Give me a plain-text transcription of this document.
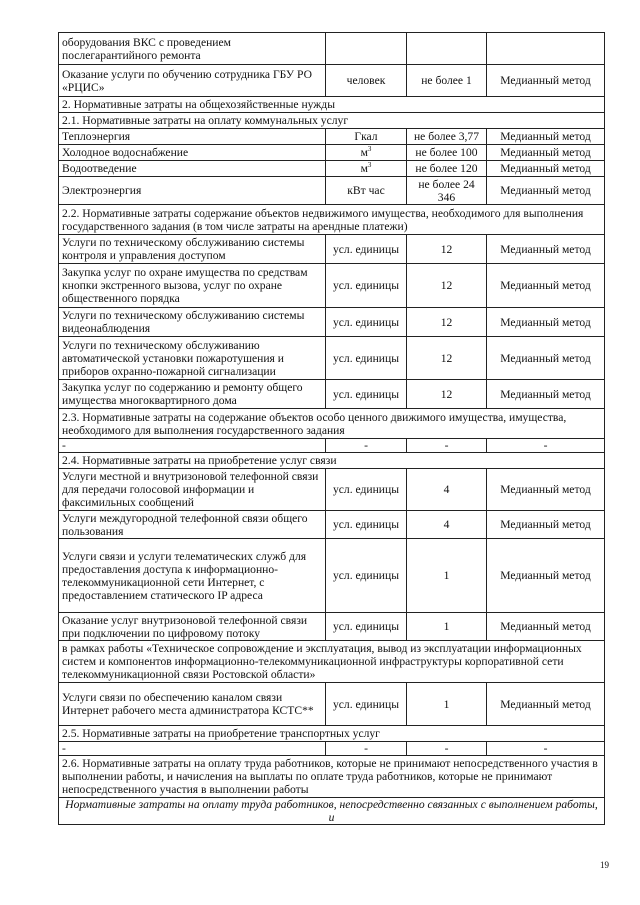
оборудования ВКС с проведением послегарантийного ремонта			
Оказание услуги по обучению сотрудника ГБУ РО «РЦИС»	человек	не более 1	Медианный метод
2. Нормативные затраты на общехозяйственные нужды			
2.1. Нормативные затраты на оплату коммунальных услуг			
Теплоэнергия	Гкал	не более 3,77	Медианный метод
Холодное водоснабжение	$м^3$	не более 100	Медианный метод
Водоотведение	$м^3$	не более 120	Медианный метод
Электроэнергия	кВт час	не более 24 346	Медианный метод
2.2. Нормативные затраты содержание объектов недвижимого имущества, необходимого для выполнения государственного задания (в том числе затраты на арендные платежи)			
Услуги по техническому обслуживанию системы контроля и управления доступом	усл. единицы	12	Медианный метод
Закупка услуг по охране имущества по средствам кнопки экстренного вызова, услуг по охране общественного порядка	усл. единицы	12	Медианный метод
Услуги по техническому обслуживанию системы видеонаблюдения	усл. единицы	12	Медианный метод
Услуги по техническому обслуживанию автоматической установки пожаротушения и приборов охранно-пожарной сигнализации	усл. единицы	12	Медианный метод
Закупка услуг по содержанию и ремонту общего имущества многоквартирного дома	усл. единицы	12	Медианный метод
2.3. Нормативные затраты на содержание объектов особо ценного движимого имущества, имущества, необходимого для выполнения государственного задания			
-	-	-	-
2.4. Нормативные затраты на приобретение услуг связи			
Услуги местной и внутризоновой телефонной связи для передачи голосовой информации и факсимильных сообщений	усл. единицы	4	Медианный метод
Услуги междугородной телефонной связи общего пользования	усл. единицы	4	Медианный метод
Услуги связи и услуги телематических служб для предоставления доступа к информационно-телекоммуникационной сети Интернет, с предоставлением статического IP адреса	усл. единицы	1	Медианный метод
Оказание услуг внутризоновой телефонной связи при подключении по цифровому потоку	усл. единицы	1	Медианный метод
в рамках работы «Техническое сопровождение и эксплуатация, вывод из эксплуатации информационных систем и компонентов информационно-телекоммуникационной инфраструктуры корпоративной сети телекоммуникационной связи Ростовской области»			
Услуги связи по обеспечению каналом связи Интернет рабочего места администратора КСТС**	усл. единицы	1	Медианный метод
2.5. Нормативные затраты на приобретение транспортных услуг			
-	-	-	-
2.6. Нормативные затраты на оплату труда работников, которые не принимают непосредственного участия в выполнении работы, и начисления на выплаты по оплате труда работников, которые не принимают непосредственного участия в выполнении работы			
Нормативные затраты на оплату труда работников, непосредственно связанных с выполнением работы, и			
19
